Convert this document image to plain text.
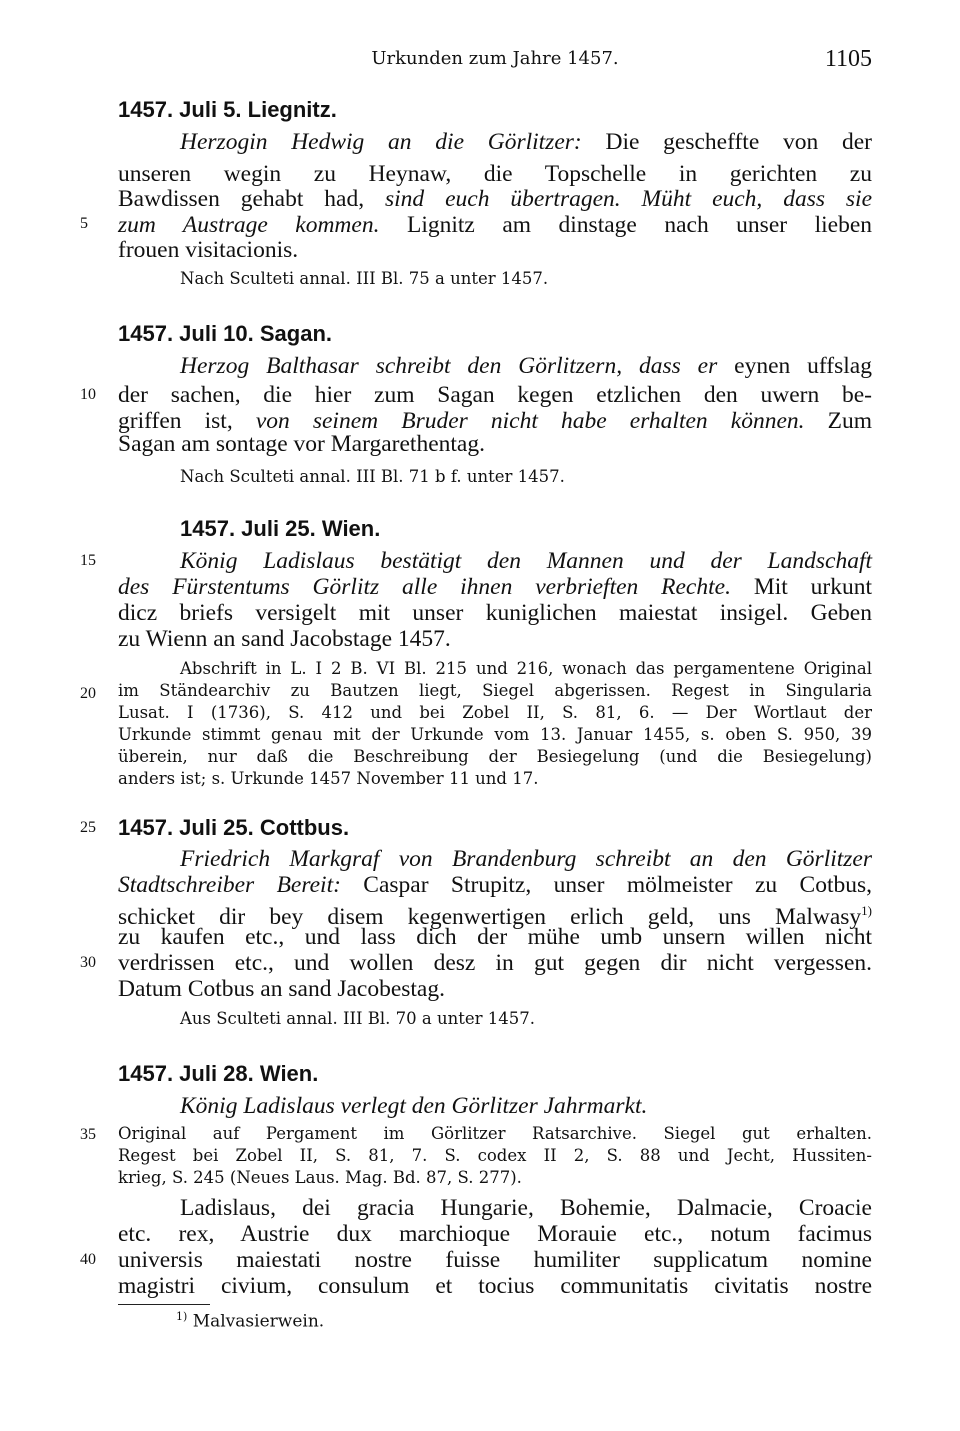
Urkunden zum Jahre 1457.	1105
1457. Juli 5. Liegnitz.
Herzogin Hedwig an die Görlitzer: Die gescheffte von der
unseren wegin zu Heynaw, die Topschelle in gerichten zu
Bawdissen gehabt had, sind euch übertragen. Müht euch, dass sie
zum Austrage kommen. Lignitz am dinstage nach unser lieben
frouen visitacionis.
Nach Sculteti annal. III Bl. 75 a unter 1457.
1457. Juli 10. Sagan.
Herzog Balthasar schreibt den Görlitzern, dass er eynen uffslag
der sachen, die hier zum Sagan kegen etzlichen den uwern be-
griffen ist, von seinem Bruder nicht habe erhalten können. Zum
Sagan am sontage vor Margarethentag.
Nach Sculteti annal. III Bl. 71 b f. unter 1457.
1457. Juli 25. Wien.
König Ladislaus bestätigt den Mannen und der Landschaft
des Fürstentums Görlitz alle ihnen verbrieften Rechte. Mit urkunt
dicz briefs versigelt mit unser kuniglichen maiestat insigel. Geben
zu Wienn an sand Jacobstage 1457.
Abschrift in L. I 2 B. VI Bl. 215 und 216, wonach das pergamentene Original
im Ständearchiv zu Bautzen liegt, Siegel abgerissen. Regest in Singularia
Lusat. I (1736), S. 412 und bei Zobel II, S. 81, 6. — Der Wortlaut der
Urkunde stimmt genau mit der Urkunde vom 13. Januar 1455, s. oben S. 950, 39
überein, nur daß die Beschreibung der Besiegelung (und die Besiegelung)
anders ist; s. Urkunde 1457 November 11 und 17.
1457. Juli 25. Cottbus.
Friedrich Markgraf von Brandenburg schreibt an den Görlitzer
Stadtschreiber Bereit: Caspar Strupitz, unser mölmeister zu Cotbus,
schicket dir bey disem kegenwertigen erlich geld, uns Malwasy$^{1)}$
zu kaufen etc., und lass dich der mühe umb unsern willen nicht
verdrissen etc., und wollen desz in gut gegen dir nicht vergessen.
Datum Cotbus an sand Jacobestag.
Aus Sculteti annal. III Bl. 70 a unter 1457.
1457. Juli 28. Wien.
König Ladislaus verlegt den Görlitzer Jahrmarkt.
Original auf Pergament im Görlitzer Ratsarchive. Siegel gut erhalten.
Regest bei Zobel II, S. 81, 7. S. codex II 2, S. 88 und Jecht, Hussiten-
krieg, S. 245 (Neues Laus. Mag. Bd. 87, S. 277).
Ladislaus, dei gracia Hungarie, Bohemie, Dalmacie, Croacie
etc. rex, Austrie dux marchioque Morauie etc., notum facimus
universis maiestati nostre fuisse humiliter supplicatum nomine
magistri civium, consulum et tocius communitatis civitatis nostre
5
10
15
20
25
30
35
40
$^{1)}$ Malvasierwein.
